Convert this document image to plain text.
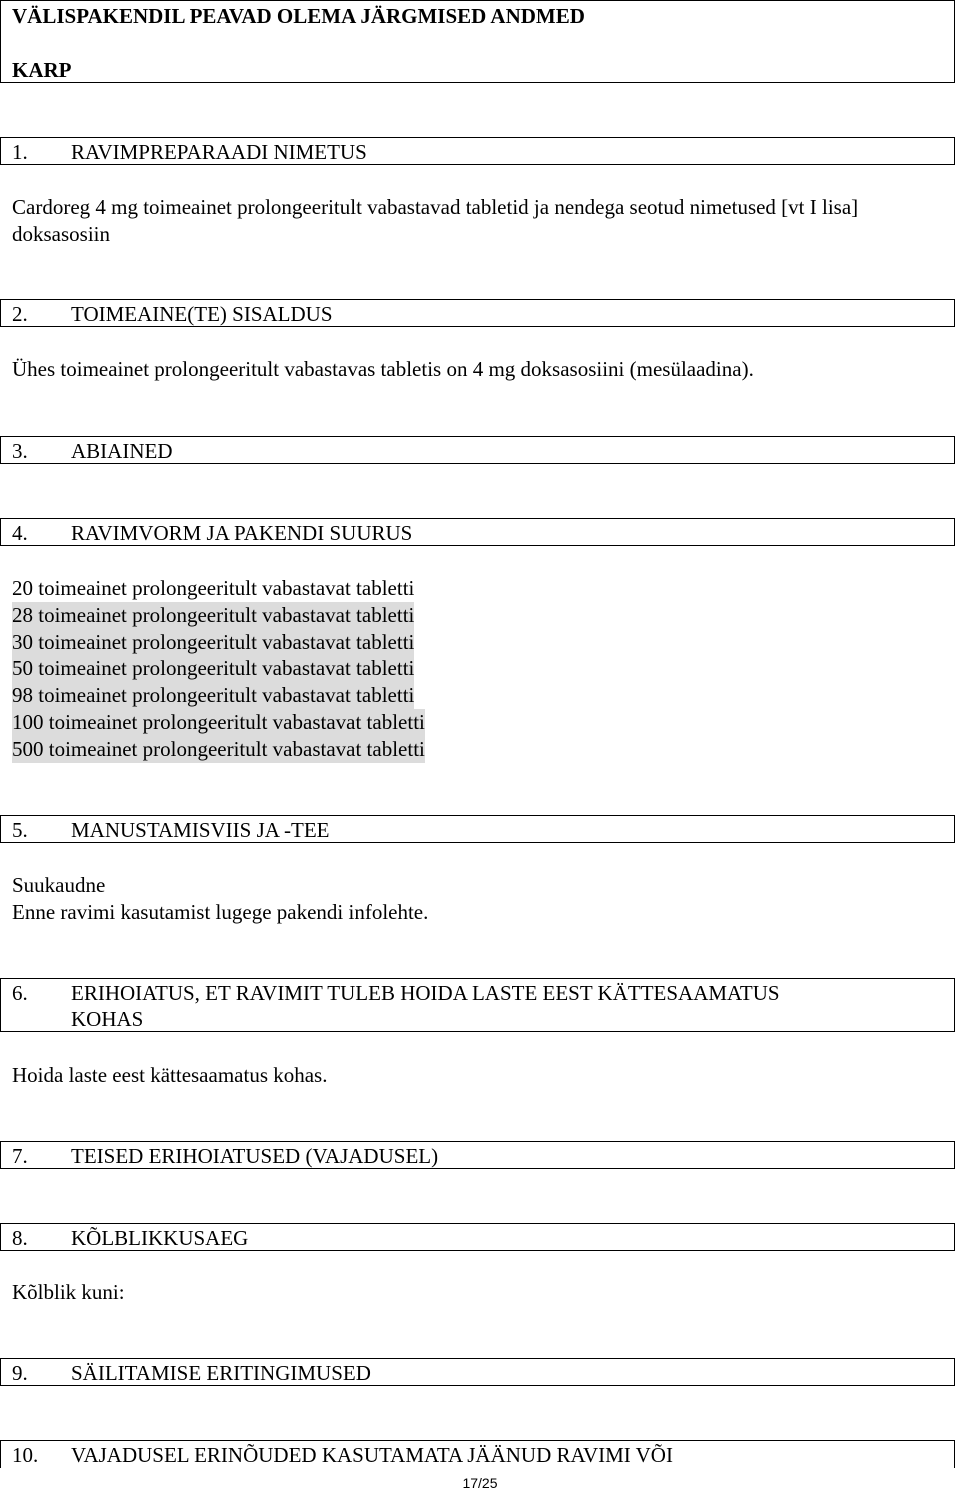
VÄLISPAKENDIL PEAVAD OLEMA JÄRGMISED ANDMED
KARP
1. RAVIMPREPARAADI NIMETUS
Cardoreg 4 mg toimeainet prolongeeritult vabastavad tabletid ja nendega seotud nimetused [vt I lisa]
doksasosiin
2. TOIMEAINE(TE) SISALDUS
Ühes toimeainet prolongeeritult vabastavas tabletis on 4 mg doksasosiini (mesülaadina).
3. ABIAINED
4. RAVIMVORM JA PAKENDI SUURUS
20 toimeainet prolongeeritult vabastavat tabletti
28 toimeainet prolongeeritult vabastavat tabletti
30 toimeainet prolongeeritult vabastavat tabletti
50 toimeainet prolongeeritult vabastavat tabletti
98 toimeainet prolongeeritult vabastavat tabletti
100 toimeainet prolongeeritult vabastavat tabletti
500 toimeainet prolongeeritult vabastavat tabletti
5. MANUSTAMISVIIS JA -TEE
Suukaudne
Enne ravimi kasutamist lugege pakendi infolehte.
6. ERIHOIATUS, ET RAVIMIT TULEB HOIDA LASTE EEST KÄTTESAAMATUS
KOHAS
Hoida laste eest kättesaamatus kohas.
7. TEISED ERIHOIATUSED (VAJADUSEL)
8. KÕLBLIKKUSAEG
Kõlblik kuni:
9. SÄILITAMISE ERITINGIMUSED
10. VAJADUSEL ERINÕUDED KASUTAMATA JÄÄNUD RAVIMI VÕI
17/25
